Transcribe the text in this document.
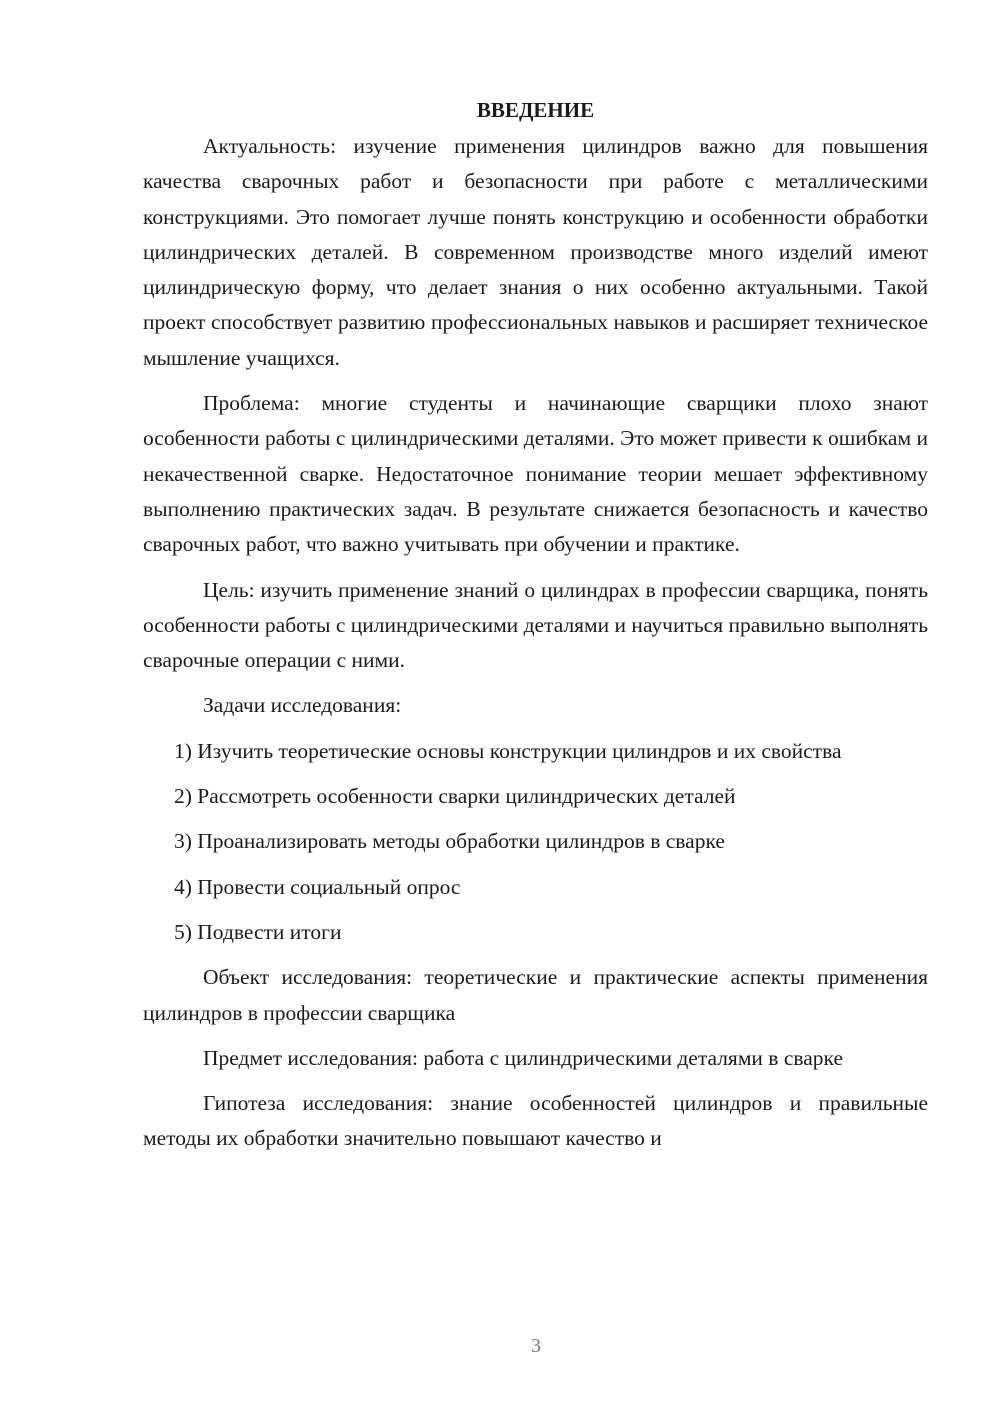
ВВЕДЕНИЕ

Актуальность: изучение применения цилиндров важно для повышения качества сварочных работ и безопасности при работе с металлическими конструкциями. Это помогает лучше понять конструкцию и особенности обработки цилиндрических деталей. В современном производстве много изделий имеют цилиндрическую форму, что делает знания о них особенно актуальными. Такой проект способствует развитию профессиональных навыков и расширяет техническое мышление учащихся.

Проблема: многие студенты и начинающие сварщики плохо знают особенности работы с цилиндрическими деталями. Это может привести к ошибкам и некачественной сварке. Недостаточное понимание теории мешает эффективному выполнению практических задач. В результате снижается безопасность и качество сварочных работ, что важно учитывать при обучении и практике.

Цель: изучить применение знаний о цилиндрах в профессии сварщика, понять особенности работы с цилиндрическими деталями и научиться правильно выполнять сварочные операции с ними.

Задачи исследования:

1) Изучить теоретические основы конструкции цилиндров и их свойства

2) Рассмотреть особенности сварки цилиндрических деталей

3) Проанализировать методы обработки цилиндров в сварке

4) Провести социальный опрос

5) Подвести итоги

Объект исследования: теоретические и практические аспекты применения цилиндров в профессии сварщика

Предмет исследования: работа с цилиндрическими деталями в сварке

Гипотеза исследования: знание особенностей цилиндров и правильные методы их обработки значительно повышают качество и

3
